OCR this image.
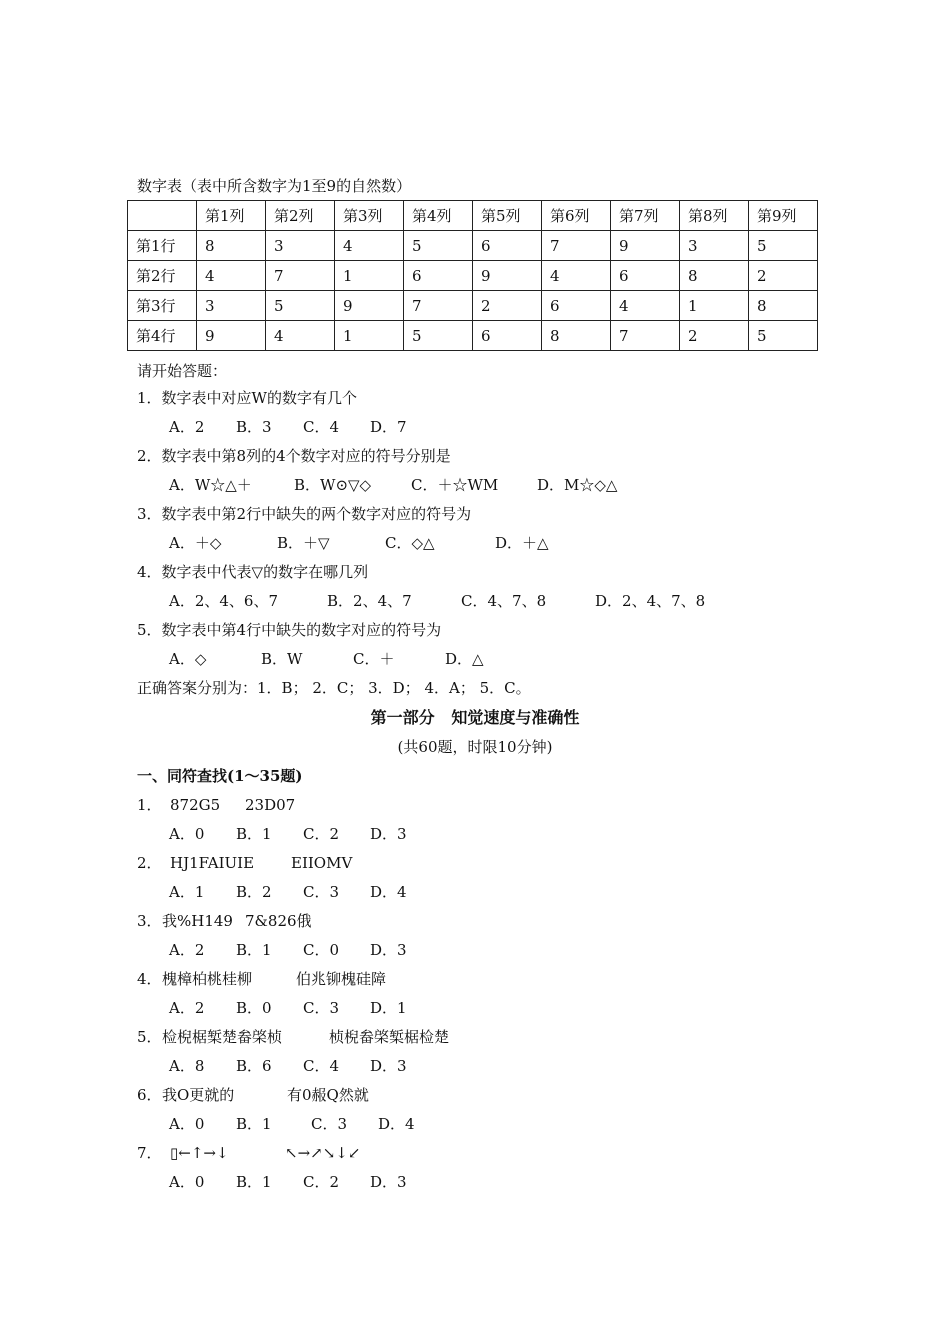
数字表（表中所含数字为1至9的自然数）
	第1列	第2列	第3列	第4列	第5列	第6列	第7列	第8列	第9列
第1行	8	3	4	5	6	7	9	3	5
第2行	4	7	1	6	9	4	6	8	2
第3行	3	5	9	7	2	6	4	1	8
第4行	9	4	1	5	6	8	7	2	5
请开始答题：
1．数字表中对应W的数字有几个
A．2 B．3 C．4 D．7
2．数字表中第8列的4个数字对应的符号分别是
A．W☆△＋	B．W⊙▽◇	C．＋☆WM	D．M☆◇△
3．数字表中第2行中缺失的两个数字对应的符号为
A．＋◇	B．＋▽	C．◇△	D．＋△
4．数字表中代表▽的数字在哪几列
A．2、4、6、7	B．2、4、7	C．4、7、8	D．2、4、7、8
5．数字表中第4行中缺失的数字对应的符号为
A．◇	B．W	C．＋	D．△
正确答案分别为：1．B； 2．C； 3．D； 4．A； 5．C。
第一部分   知觉速度与准确性
(共60题，时限10分钟)
一、同符查找(1～35题)
1． 872G5 23D07
A．0 B．1 C．2 D．3
2． HJ1FAIUIE EIIOMV
A．1 B．2 C．3 D．4
3．我%H149 7&826俄
A．2 B．1 C．0 D．3
4．槐樟柏桃桂柳	伯兆铆槐硅障
A．2 B．0 C．3 D．1
5．检棿椐椠楚畚棨桢	桢棿畚棨椠椐检楚
A．8 B．6 C．4 D．3
6．我O更就的	有0赧Q然就
A．0 B．1	C．3 D．4
7． ▯←↑→↓	↖→↗↘↓↙
A．0 B．1 C．2 D．3
